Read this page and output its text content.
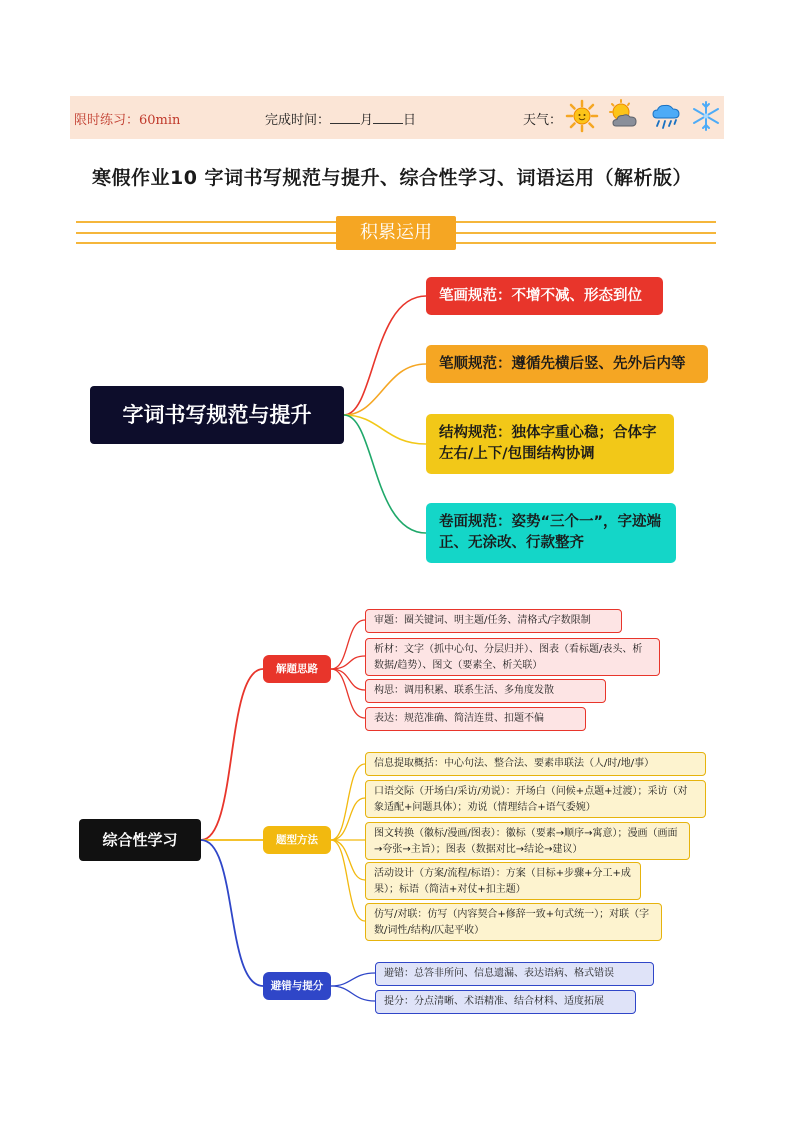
限时练习：60min	完成时间： 月 日	天气：
寒假作业10 字词书写规范与提升、综合性学习、词语运用（解析版）
积累运用
字词书写规范与提升
笔画规范：不增不减、形态到位
笔顺规范：遵循先横后竖、先外后内等
结构规范：独体字重心稳；合体字左右/上下/包围结构协调
卷面规范：姿势“三个一”，字迹端正、无涂改、行款整齐
综合性学习
解题思路
题型方法
避错与提分
审题：圈关键词、明主题/任务、清格式/字数限制
析材：文字（抓中心句、分层归并）、图表（看标题/表头、析数据/趋势）、图文（要素全、析关联）
构思：调用积累、联系生活、多角度发散
表达：规范准确、简洁连贯、扣题不偏
信息提取概括：中心句法、整合法、要素串联法（人/时/地/事）
口语交际（开场白/采访/劝说）：开场白（问候+点题+过渡）；采访（对象适配+问题具体）；劝说（情理结合+语气委婉）
图文转换（徽标/漫画/图表）：徽标（要素→顺序→寓意）；漫画（画面→夸张→主旨）；图表（数据对比→结论→建议）
活动设计（方案/流程/标语）：方案（目标+步骤+分工+成果）；标语（简洁+对仗+扣主题）
仿写/对联：仿写（内容契合+修辞一致+句式统一）；对联（字数/词性/结构/仄起平收）
避错：总答非所问、信息遗漏、表达语病、格式错误
提分：分点清晰、术语精准、结合材料、适度拓展
